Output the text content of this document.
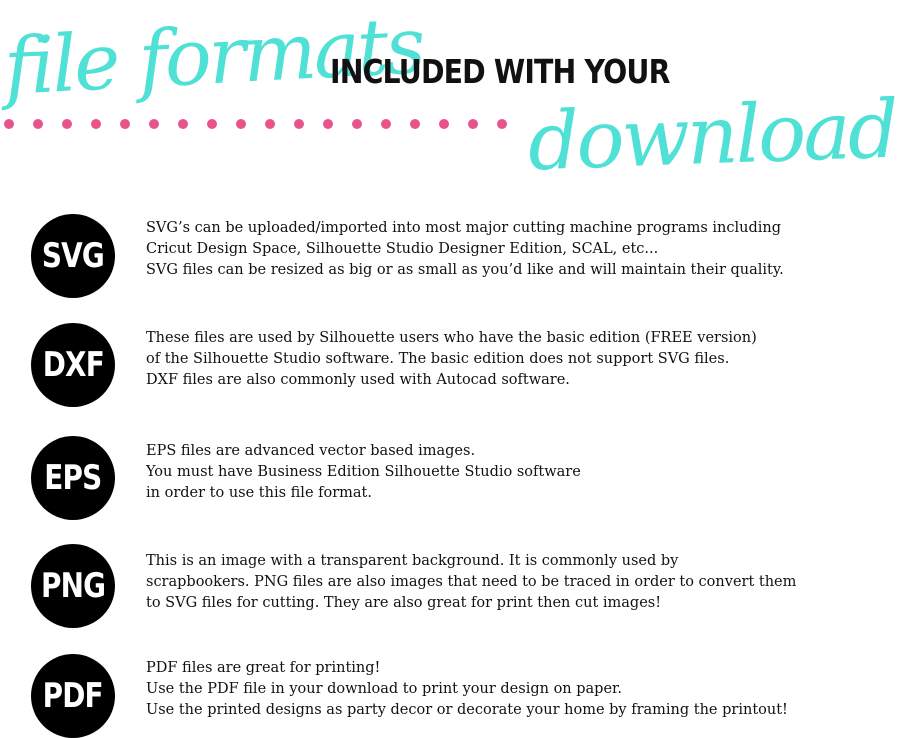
file formats
INCLUDED WITH YOUR
download
SVG
SVG’s can be uploaded/imported into most major cutting machine programs including
Cricut Design Space, Silhouette Studio Designer Edition, SCAL, etc...
SVG files can be resized as big or as small as you’d like and will maintain their quality.
DXF
These files are used by Silhouette users who have the basic edition (FREE version)
of the Silhouette Studio software. The basic edition does not support SVG files.
DXF files are also commonly used with Autocad software.
EPS
EPS files are advanced vector based images.
You must have Business Edition Silhouette Studio software
in order to use this file format.
PNG
This is an image with a transparent background. It is commonly used by
scrapbookers. PNG files are also images that need to be traced in order to convert them
to SVG files for cutting. They are also great for print then cut images!
PDF
PDF files are great for printing!
Use the PDF file in your download to print your design on paper.
Use the printed designs as party decor or decorate your home by framing the printout!
